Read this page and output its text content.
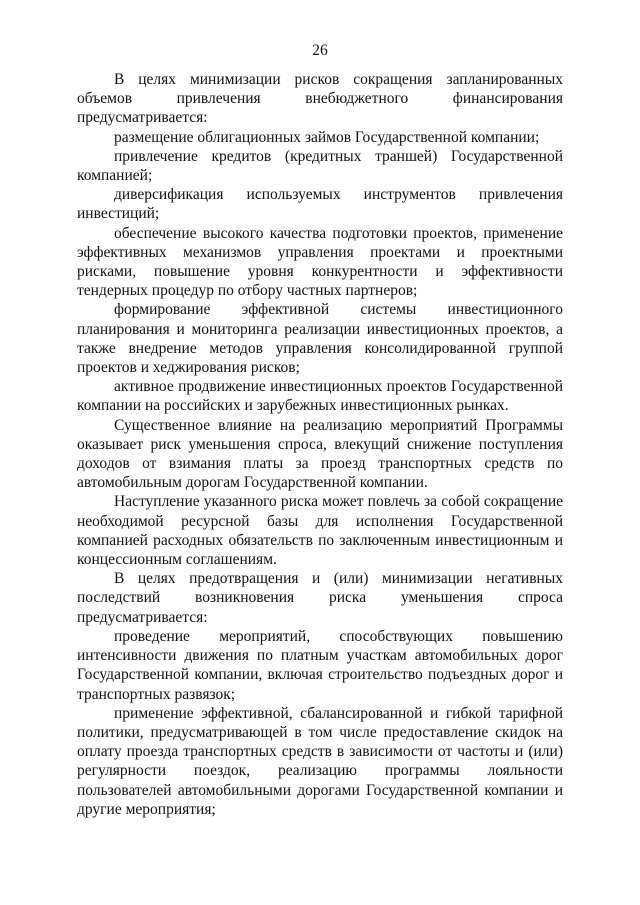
26

В целях минимизации рисков сокращения запланированных объемов привлечения внебюджетного финансирования предусматривается:

размещение облигационных займов Государственной компании;

привлечение кредитов (кредитных траншей) Государственной компанией;

диверсификация используемых инструментов привлечения инвестиций;

обеспечение высокого качества подготовки проектов, применение эффективных механизмов управления проектами и проектными рисками, повышение уровня конкурентности и эффективности тендерных процедур по отбору частных партнеров;

формирование эффективной системы инвестиционного планирования и мониторинга реализации инвестиционных проектов, а также внедрение методов управления консолидированной группой проектов и хеджирования рисков;

активное продвижение инвестиционных проектов Государственной компании на российских и зарубежных инвестиционных рынках.

Существенное влияние на реализацию мероприятий Программы оказывает риск уменьшения спроса, влекущий снижение поступления доходов от взимания платы за проезд транспортных средств по автомобильным дорогам Государственной компании.

Наступление указанного риска может повлечь за собой сокращение необходимой ресурсной базы для исполнения Государственной компанией расходных обязательств по заключенным инвестиционным и концессионным соглашениям.

В целях предотвращения и (или) минимизации негативных последствий возникновения риска уменьшения спроса предусматривается:

проведение мероприятий, способствующих повышению интенсивности движения по платным участкам автомобильных дорог Государственной компании, включая строительство подъездных дорог и транспортных развязок;

применение эффективной, сбалансированной и гибкой тарифной политики, предусматривающей в том числе предоставление скидок на оплату проезда транспортных средств в зависимости от частоты и (или) регулярности поездок, реализацию программы лояльности пользователей автомобильными дорогами Государственной компании и другие мероприятия;
